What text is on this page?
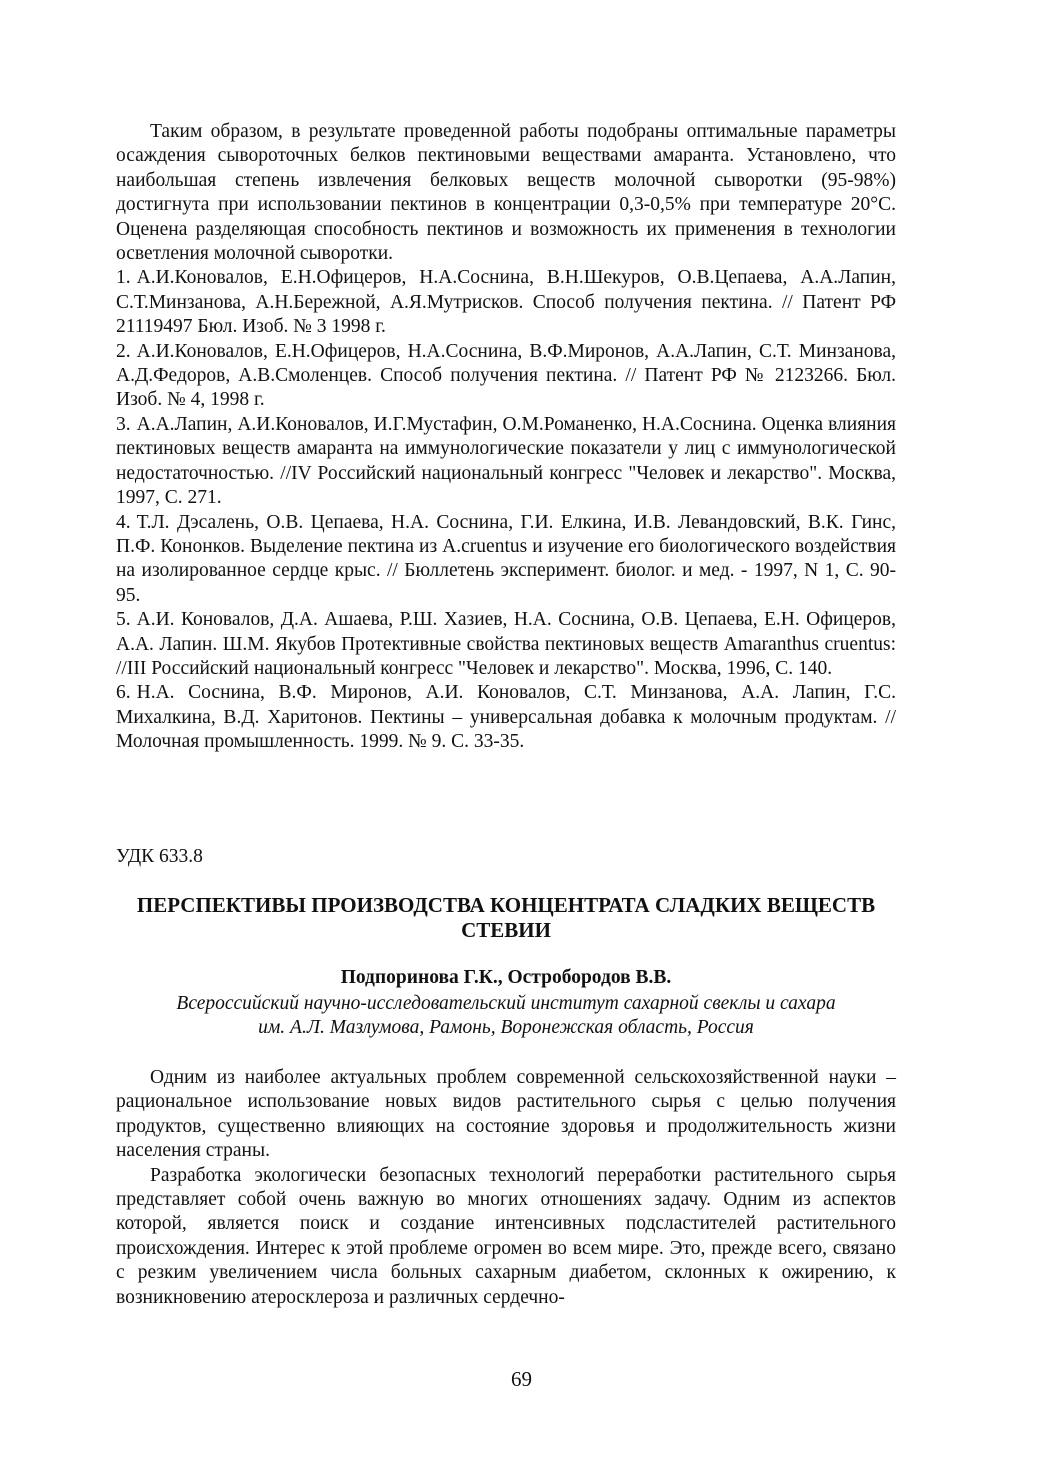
Таким образом, в результате проведенной работы подобраны оптимальные параметры осаждения сывороточных белков пектиновыми веществами амаранта. Установлено, что наибольшая степень извлечения белковых веществ молочной сыворотки (95-98%) достигнута при использовании пектинов в концентрации 0,3-0,5% при температуре 20°С. Оценена разделяющая способность пектинов и возможность их применения в технологии осветления молочной сыворотки.

1. А.И.Коновалов, Е.Н.Офицеров, Н.А.Соснина, В.Н.Шекуров, О.В.Цепаева, А.А.Лапин, С.Т.Минзанова, А.Н.Бережной, А.Я.Мутрисков. Способ получения пектина. // Патент РФ 21119497 Бюл. Изоб. № 3 1998 г.

2. А.И.Коновалов, Е.Н.Офицеров, Н.А.Соснина, В.Ф.Миронов, А.А.Лапин, С.Т. Минзанова, А.Д.Федоров, А.В.Смоленцев. Способ получения пектина. // Патент РФ № 2123266. Бюл. Изоб. № 4, 1998 г.

3. А.А.Лапин, А.И.Коновалов, И.Г.Мустафин, О.М.Романенко, Н.А.Соснина. Оценка влияния пектиновых веществ амаранта на иммунологические показатели у лиц с иммунологической недостаточностью. //IV Российский национальный конгресс "Человек и лекарство". Москва, 1997, С. 271.

4. Т.Л. Дэсалень, О.В. Цепаева, Н.А. Соснина, Г.И. Елкина, И.В. Левандовский, В.К. Гинс, П.Ф. Кононков. Выделение пектина из A.cruentus и изучение его биологического воздействия на изолированное сердце крыс. // Бюллетень эксперимент. биолог. и мед. - 1997, N 1, С. 90-95.

5. А.И. Коновалов, Д.А. Ашаева, Р.Ш. Хазиев, Н.А. Соснина, О.В. Цепаева, Е.Н. Офицеров, А.А. Лапин. Ш.М. Якубов Протективные свойства пектиновых веществ Amaranthus cruentus: //III Российский национальный конгресс "Человек и лекарство". Москва, 1996, С. 140.

6. Н.А. Соснина, В.Ф. Миронов, А.И. Коновалов, С.Т. Минзанова, А.А. Лапин, Г.С. Михалкина, В.Д. Харитонов. Пектины – универсальная добавка к молочным продуктам. //Молочная промышленность. 1999. № 9. С. 33-35.

УДК 633.8

ПЕРСПЕКТИВЫ ПРОИЗВОДСТВА КОНЦЕНТРАТА СЛАДКИХ ВЕЩЕСТВ СТЕВИИ

Подпоринова Г.К., Остробородов В.В.

Всероссийский научно-исследовательский институт сахарной свеклы и сахара
им. А.Л. Мазлумова, Рамонь, Воронежская область, Россия

Одним из наиболее актуальных проблем современной сельскохозяйственной науки – рациональное использование новых видов растительного сырья с целью получения продуктов, существенно влияющих на состояние здоровья и продолжительность жизни населения страны.

Разработка экологически безопасных технологий переработки растительного сырья представляет собой очень важную во многих отношениях задачу. Одним из аспектов которой, является поиск и создание интенсивных подсластителей растительного происхождения. Интерес к этой проблеме огромен во всем мире. Это, прежде всего, связано с резким увеличением числа больных сахарным диабетом, склонных к ожирению, к возникновению атеросклероза и различных сердечно-

69
